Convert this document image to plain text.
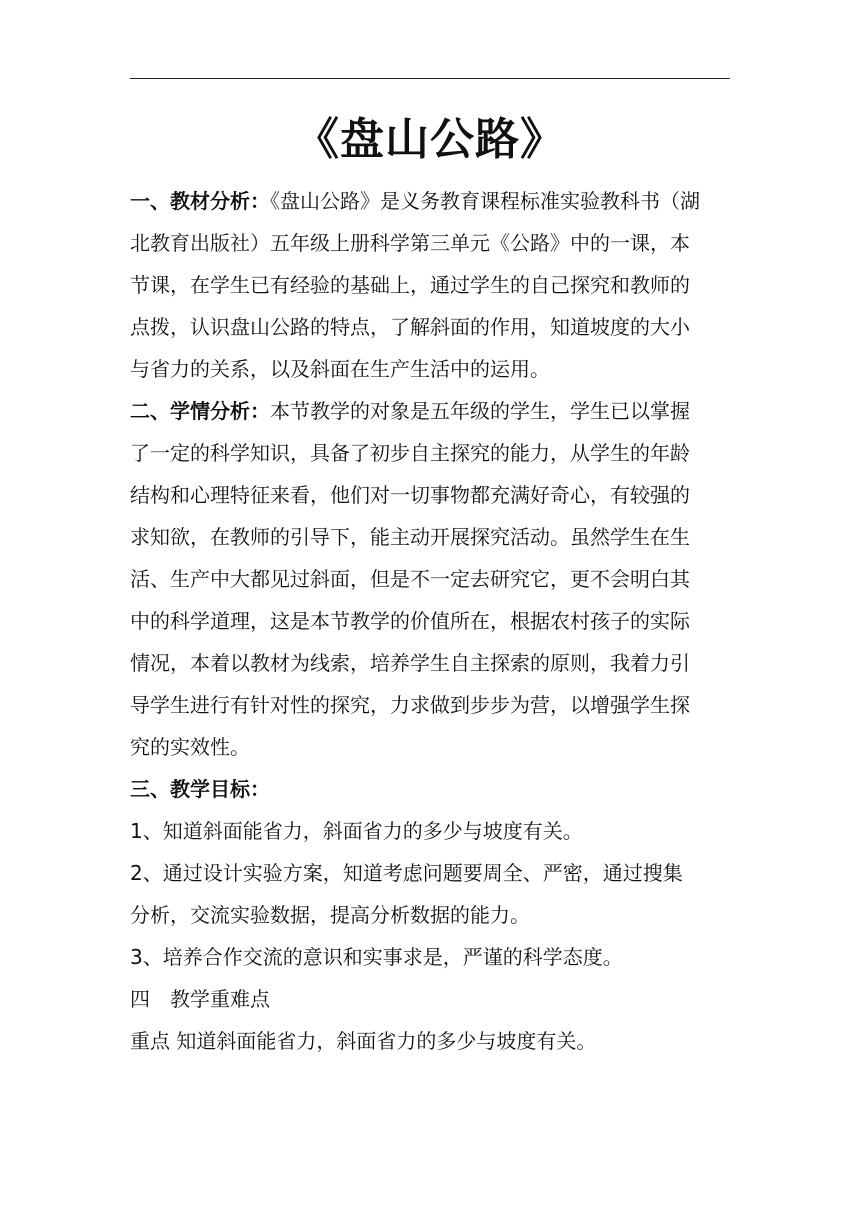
《盘山公路》
一、教材分析：《盘山公路》是义务教育课程标准实验教科书（湖
北教育出版社）五年级上册科学第三单元《公路》中的一课，本
节课，在学生已有经验的基础上，通过学生的自己探究和教师的
点拨，认识盘山公路的特点，了解斜面的作用，知道坡度的大小
与省力的关系，以及斜面在生产生活中的运用。
二、学情分析：本节教学的对象是五年级的学生，学生已以掌握
了一定的科学知识，具备了初步自主探究的能力，从学生的年龄
结构和心理特征来看，他们对一切事物都充满好奇心，有较强的
求知欲，在教师的引导下，能主动开展探究活动。虽然学生在生
活、生产中大都见过斜面，但是不一定去研究它，更不会明白其
中的科学道理，这是本节教学的价值所在，根据农村孩子的实际
情况，本着以教材为线索，培养学生自主探索的原则，我着力引
导学生进行有针对性的探究，力求做到步步为营，以增强学生探
究的实效性。
三、教学目标：
1、知道斜面能省力，斜面省力的多少与坡度有关。
2、通过设计实验方案，知道考虑问题要周全、严密，通过搜集
分析，交流实验数据，提高分析数据的能力。
3、培养合作交流的意识和实事求是，严谨的科学态度。
四　教学重难点
重点 知道斜面能省力，斜面省力的多少与坡度有关。
